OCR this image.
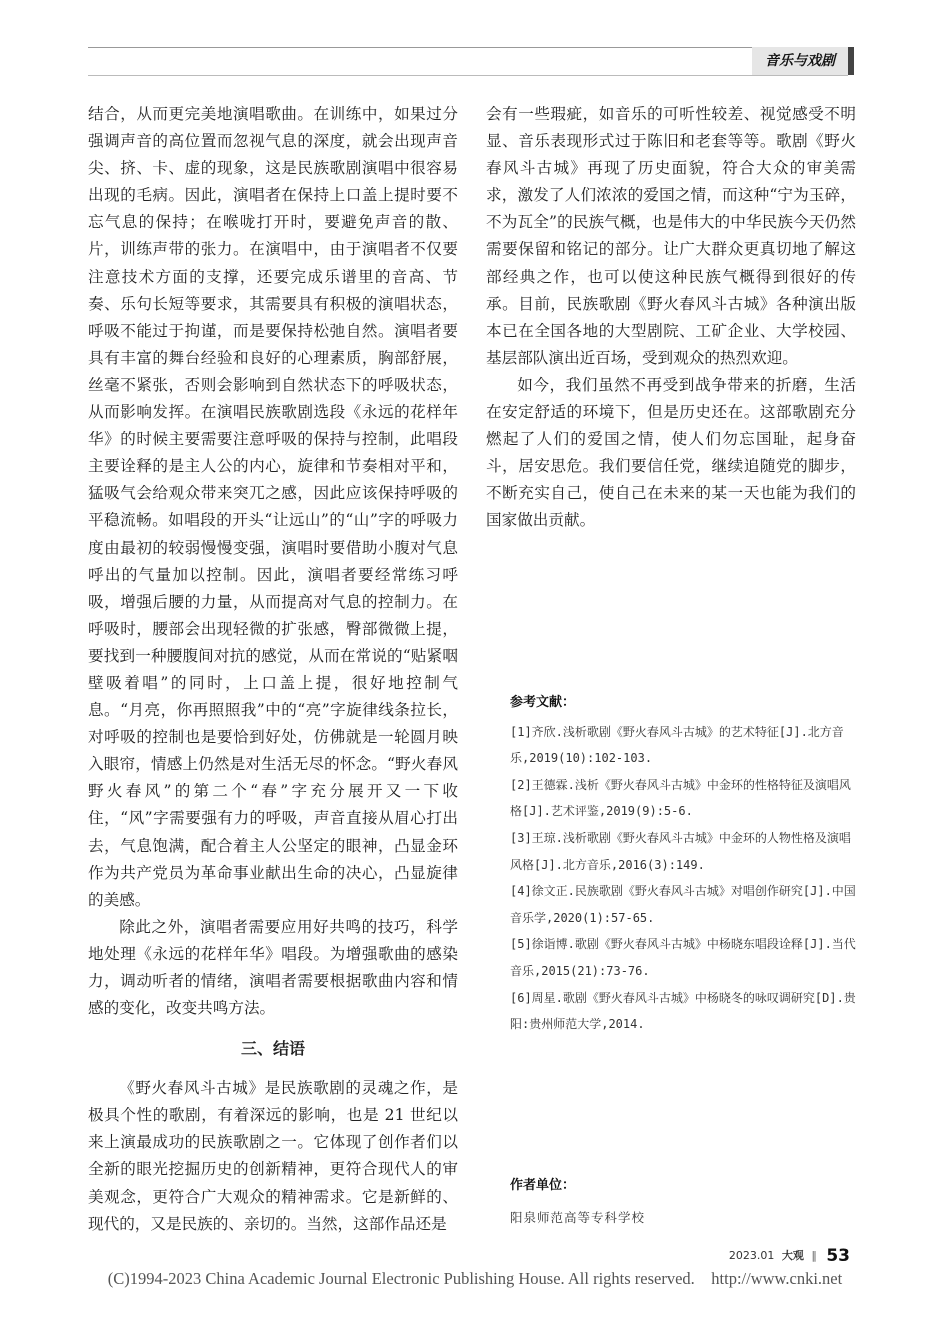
音乐与戏剧

结合，从而更完美地演唱歌曲。在训练中，如果过分强调声音的高位置而忽视气息的深度，就会出现声音尖、挤、卡、虚的现象，这是民族歌剧演唱中很容易出现的毛病。因此，演唱者在保持上口盖上提时要不忘气息的保持；在喉咙打开时，要避免声音的散、片，训练声带的张力。在演唱中，由于演唱者不仅要注意技术方面的支撑，还要完成乐谱里的音高、节奏、乐句长短等要求，其需要具有积极的演唱状态，呼吸不能过于拘谨，而是要保持松弛自然。演唱者要具有丰富的舞台经验和良好的心理素质，胸部舒展，丝毫不紧张，否则会影响到自然状态下的呼吸状态，从而影响发挥。在演唱民族歌剧选段《永远的花样年华》的时候主要需要注意呼吸的保持与控制，此唱段主要诠释的是主人公的内心，旋律和节奏相对平和，猛吸气会给观众带来突兀之感，因此应该保持呼吸的平稳流畅。如唱段的开头“让远山”的“山”字的呼吸力度由最初的较弱慢慢变强，演唱时要借助小腹对气息呼出的气量加以控制。因此，演唱者要经常练习呼吸，增强后腰的力量，从而提高对气息的控制力。在呼吸时，腰部会出现轻微的扩张感，臀部微微上提，要找到一种腰腹间对抗的感觉，从而在常说的“贴紧咽壁吸着唱”的同时，上口盖上提，很好地控制气息。“月亮，你再照照我”中的“亮”字旋律线条拉长，对呼吸的控制也是要恰到好处，仿佛就是一轮圆月映入眼帘，情感上仍然是对生活无尽的怀念。“野火春风野火春风”的第二个“春”字充分展开又一下收住，“风”字需要强有力的呼吸，声音直接从眉心打出去，气息饱满，配合着主人公坚定的眼神，凸显金环作为共产党员为革命事业献出生命的决心，凸显旋律的美感。

除此之外，演唱者需要应用好共鸣的技巧，科学地处理《永远的花样年华》唱段。为增强歌曲的感染力，调动听者的情绪，演唱者需要根据歌曲内容和情感的变化，改变共鸣方法。

三、结语

《野火春风斗古城》是民族歌剧的灵魂之作，是极具个性的歌剧，有着深远的影响，也是 21 世纪以来上演最成功的民族歌剧之一。它体现了创作者们以全新的眼光挖掘历史的创新精神，更符合现代人的审美观念，更符合广大观众的精神需求。它是新鲜的、现代的，又是民族的、亲切的。当然，这部作品还是

会有一些瑕疵，如音乐的可听性较差、视觉感受不明显、音乐表现形式过于陈旧和老套等等。歌剧《野火春风斗古城》再现了历史面貌，符合大众的审美需求，激发了人们浓浓的爱国之情，而这种“宁为玉碎，不为瓦全”的民族气概，也是伟大的中华民族今天仍然需要保留和铭记的部分。让广大群众更真切地了解这部经典之作，也可以使这种民族气概得到很好的传承。目前，民族歌剧《野火春风斗古城》各种演出版本已在全国各地的大型剧院、工矿企业、大学校园、基层部队演出近百场，受到观众的热烈欢迎。

如今，我们虽然不再受到战争带来的折磨，生活在安定舒适的环境下，但是历史还在。这部歌剧充分燃起了人们的爱国之情，使人们勿忘国耻，起身奋斗，居安思危。我们要信任党，继续追随党的脚步，不断充实自己，使自己在未来的某一天也能为我们的国家做出贡献。

参考文献：
[1]齐欣.浅析歌剧《野火春风斗古城》的艺术特征[J].北方音乐,2019(10):102-103.
[2]王德霖.浅析《野火春风斗古城》中金环的性格特征及演唱风格[J].艺术评鉴,2019(9):5-6.
[3]王琼.浅析歌剧《野火春风斗古城》中金环的人物性格及演唱风格[J].北方音乐,2016(3):149.
[4]徐文正.民族歌剧《野火春风斗古城》对唱创作研究[J].中国音乐学,2020(1):57-65.
[5]徐诣博.歌剧《野火春风斗古城》中杨晓东唱段诠释[J].当代音乐,2015(21):73-76.
[6]周星.歌剧《野火春风斗古城》中杨晓冬的咏叹调研究[D].贵阳:贵州师范大学,2014.
作者单位：
阳泉师范高等专科学校
2023.01 大观 ‖ 53
(C)1994-2023 China Academic Journal Electronic Publishing House. All rights reserved.    http://www.cnki.net
